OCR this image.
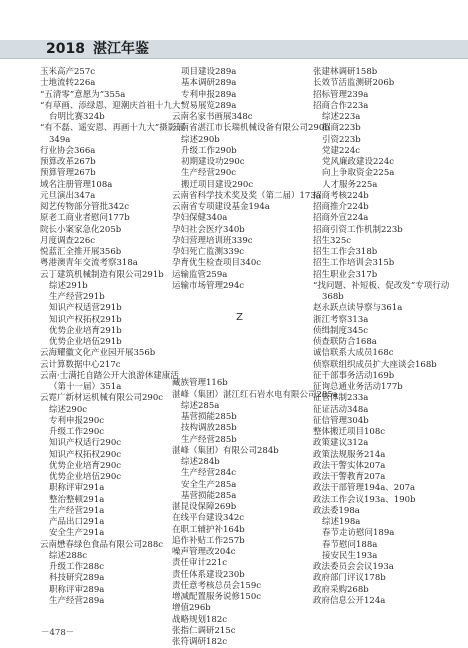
2018 湛江年鉴
玉米高产257c
士地流转226a
“五清零”意愿为”355a
“有草画、添绿恩、迎潮庆首祖十九大”
台明比赛324b
“有不磊、遥安恩、再画十九大”摄影展
349a
行业协会366a
预算改革267b
预算管理267b
域名注册管理108a
元旦演出347a
阅艺传物部分管批342c
原老工商业者慰问177b
院长小案家急化205b
月度调查226c
悦蓝汇全推开展356b
粤港澳青年交流考察318a
云丁建筑机械制造有限公司291b
综述291b
生产经营291b
知识产权适营291b
知识产权拓权291b
优势企业培育291b
优势企业培伍291b
云海耀徽文化产业园开展356b
云计算数据中心217c
云南·士满托自踏公开大浪游休建康活
（第十一届）351a
云霓广新材运机械有限公司290c
综述290c
专利申报290c
升级工作290c
知识产权适行290c
知识产权拓权290c
优势企业培育290c
优势企业培伍290c
职称评审291a
整治整顿291a
生产经营291a
产品出口291a
安全生产291a
云南懋春绿色食品有限公司288c
综述288c
升级工作288c
科技研究289a
职称评审289a
生产经营289a
项目建设289a
基本调研289a
专利申报289a
贸易展览289a
云南名家书画展348c
云南省湛江市长瑞机械设备有限公司290b
综述290b
升级工作290b
初期建设功290c
生产经营290c
搬迁项目建设290c
云南省科学技术奖及奖（第二届）173a
云南省专项建设基金194a
孕妇保健340a
孕妇社会医疗340b
孕妇营理培训班339c
孕妇死亡监测339c
孕育优生检查项目340c
运输监管259a
运输市场管理294c
Z
藏族管理116b
湛峰（集团）湛江红石岩水电有限公司285a
综述285a
基营损能285b
技构调放285b
生产经营285b
湛峰（集团）有限公司284b
综述284b
生产经营284c
安全生产285a
基营损能285a
湛昆设保障269b
在线平台建设342c
在职工辅护补164b
追作补贴工作257b
噪声管理改204c
责任审计221c
责任体系建设230b
责任意考核总员会159c
增减配置服务说修150c
增值296b
战略规划182c
张指仁调研215c
张符调研182c
张建林调研158b
长效节活监测研206b
招标管理239a
招商合作223a
综述223a
招商223b
引资223b
党建224c
党风廉政建设224c
向上争取资金225a
人才服务225a
招商考核224b
招商推介224b
招商外宣224a
招商引资工作机制223b
招生325c
招生工作会318b
招生工作培训会315b
招生职业会317b
“找问题、补短板、促改发”专项行动
368b
赵永跃点读导察与361a
浙江考察313a
侦缉制度345c
侦查联防合168a
诚信联系大成员168c
侦察联组织成员扩大座谈会168b
征千部事务活动169b
征询总通业务活动177b
征管体制233a
征证活动348a
征信管理304b
整体搬迁项目108c
政策建议312a
政策法规服务214a
政法干警实体207a
政法干警教育207a
政法干部管理194a、207a
政法工作会议193a、190b
政法委198a
综述198a
春节走访慰问189a
春节慰问188a
接安民生193a
政法委员会会议193a
政府部门评议178b
政府采购268b
政府信息公开124a
－478－
